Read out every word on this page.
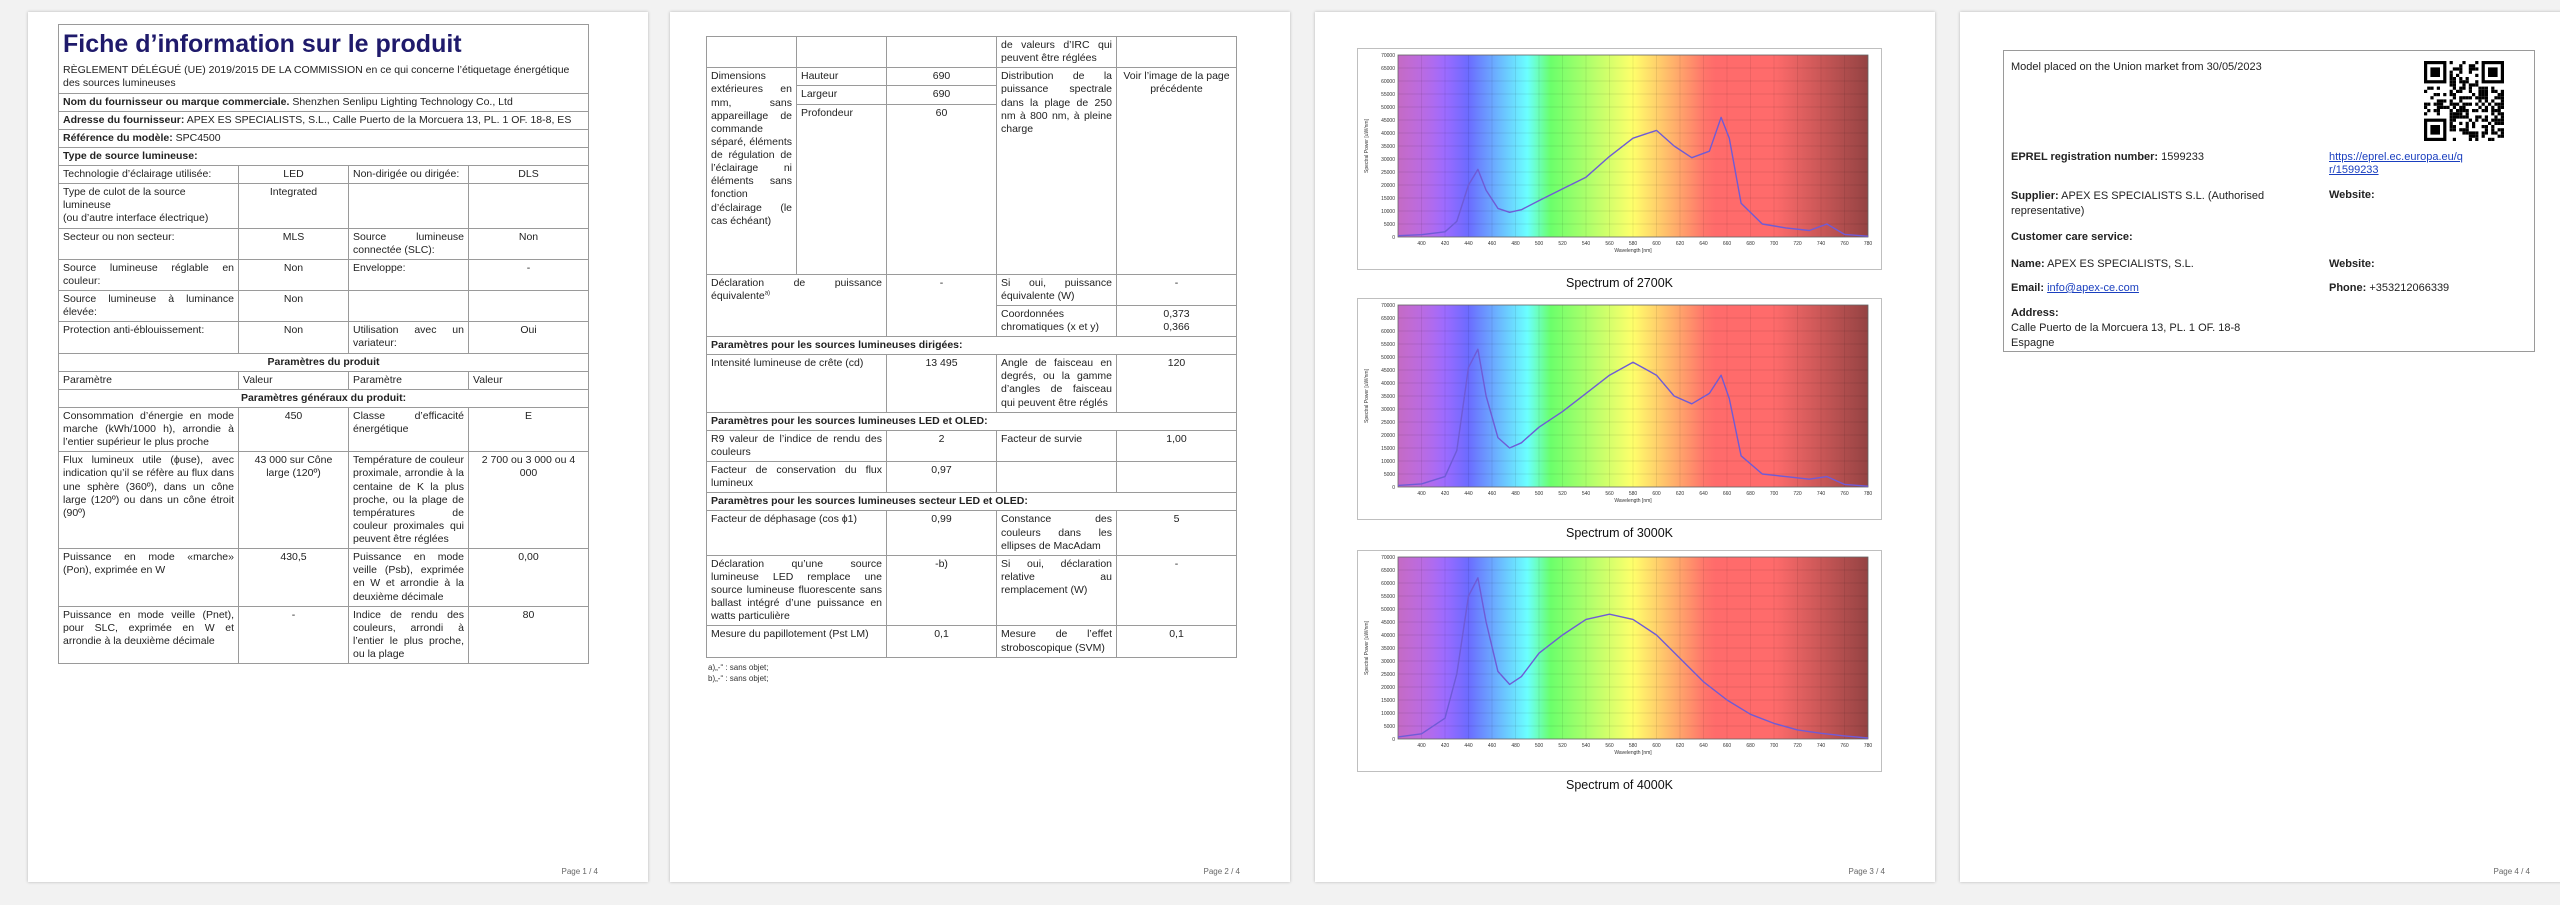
Fiche d’information sur le produit
RÈGLEMENT DÉLÉGUÉ (UE) 2019/2015 DE LA COMMISSION en ce qui concerne l’étiquetage énergétique des sources lumineuses			

Nom du fournisseur ou marque commerciale. Shenzhen Senlipu Lighting Technology Co., Ltd			
Adresse du fournisseur: APEX ES SPECIALISTS, S.L., Calle Puerto de la Morcuera 13, PL. 1 OF. 18-8, ES			
Référence du modèle: SPC4500			
Type de source lumineuse:			
Technologie d’éclairage utilisée:	LED	Non-dirigée ou dirigée:	DLS
Type de culot de la source lumineuse
(ou d’autre interface électrique)	Integrated		
Secteur ou non secteur:	MLS	Source lumineuse connectée (SLC):	Non
Source lumineuse réglable en couleur:	Non	Enveloppe:	-
Source lumineuse à luminance élevée:	Non		
Protection anti-éblouissement:	Non	Utilisation avec un variateur:	Oui
Paramètres du produit			
Paramètre	Valeur	Paramètre	Valeur
Paramètres généraux du produit:			
Consommation d’énergie en mode marche (kWh/1000 h), arrondie à l’entier supérieur le plus proche	450	Classe d’efficacité énergétique	E
Flux lumineux utile (ϕuse), avec indication qu’il se réfère au flux dans une sphère (360º), dans un cône large (120º) ou dans un cône étroit (90º)	43 000 sur Cône large (120º)	Température de couleur proximale, arrondie à la centaine de K la plus proche, ou la plage de températures de couleur proximales qui peuvent être réglées	2 700 ou 3 000 ou 4 000
Puissance en mode «marche» (Pon), exprimée en W	430,5	Puissance en mode veille (Psb), exprimée en W et arrondie à la deuxième décimale	0,00
Puissance en mode veille (Pnet), pour SLC, exprimée en W et arrondie à la deuxième décimale	-	Indice de rendu des couleurs, arrondi à l’entier le plus proche, ou la plage	80
Page 1 / 4
			de valeurs d’IRC qui peuvent être réglées	
Dimensions extérieures en mm, sans appareillage de commande séparé, éléments de régulation de l’éclairage ni éléments sans fonction d’éclairage (le cas échéant)	Hauteur	690	Distribution de la puissance spectrale dans la plage de 250 nm à 800 nm, à pleine charge	Voir l’image de la page précédente
	Largeur	690		
	Profondeur	60		
Déclaration de puissance équivalente$^{a)}$		-	Si oui, puissance équivalente (W)	-
			Coordonnées chromatiques (x et y)	0,373
0,366

Paramètres pour les sources lumineuses dirigées:				
Intensité lumineuse de crête (cd)		13 495	Angle de faisceau en degrés, ou la gamme d’angles de faisceau qui peuvent être réglés	120
Paramètres pour les sources lumineuses LED et OLED:				
R9 valeur de l’indice de rendu des couleurs		2	Facteur de survie	1,00
Facteur de conservation du flux lumineux		0,97		
Paramètres pour les sources lumineuses secteur LED et OLED:				
Facteur de déphasage (cos ϕ1)		0,99	Constance des couleurs dans les ellipses de MacAdam	5
Déclaration qu’une source lumineuse LED remplace une source lumineuse fluorescente sans ballast intégré d’une puissance en watts particulière		-b)	Si oui, déclaration relative au remplacement (W)	-
Mesure du papillotement (Pst LM)		0,1	Mesure de l’effet stroboscopique (SVM)	0,1
a)„-“ : sans objet;
b)„-“ : sans objet;
Page 2 / 4
0
5000
10000
15000
20000
25000
30000
35000
40000
45000
50000
55000
60000
65000
70000
400	420	440	460	480	500	520	540	560	580	600	620	640	660	680	700	720	740	760	780
Wavelength [nm]
Spectral Power [uW/nm]
Spectrum of 2700K
0
5000
10000
15000
20000
25000
30000
35000
40000
45000
50000
55000
60000
65000
70000
400	420	440	460	480	500	520	540	560	580	600	620	640	660	680	700	720	740	760	780
Wavelength [nm]
Spectral Power [uW/nm]
Spectrum of 3000K
0
5000
10000
15000
20000
25000
30000
35000
40000
45000
50000
55000
60000
65000
70000
400	420	440	460	480	500	520	540	560	580	600	620	640	660	680	700	720	740	760	780
Wavelength [nm]
Spectral Power [uW/nm]
Spectrum of 4000K
Page 3 / 4
Model placed on the Union market from 30/05/2023
EPREL registration number: 1599233	https://eprel.ec.europa.eu/qr/1599233
Supplier: APEX ES SPECIALISTS S.L. (Authorised representative)
Website:
Customer care service:
Name: APEX ES SPECIALISTS, S.L.	Website:
Email: info@apex-ce.com	Phone: +353212066339
Address:
Calle Puerto de la Morcuera 13, PL. 1 OF. 18-8
Espagne
Page 4 / 4
